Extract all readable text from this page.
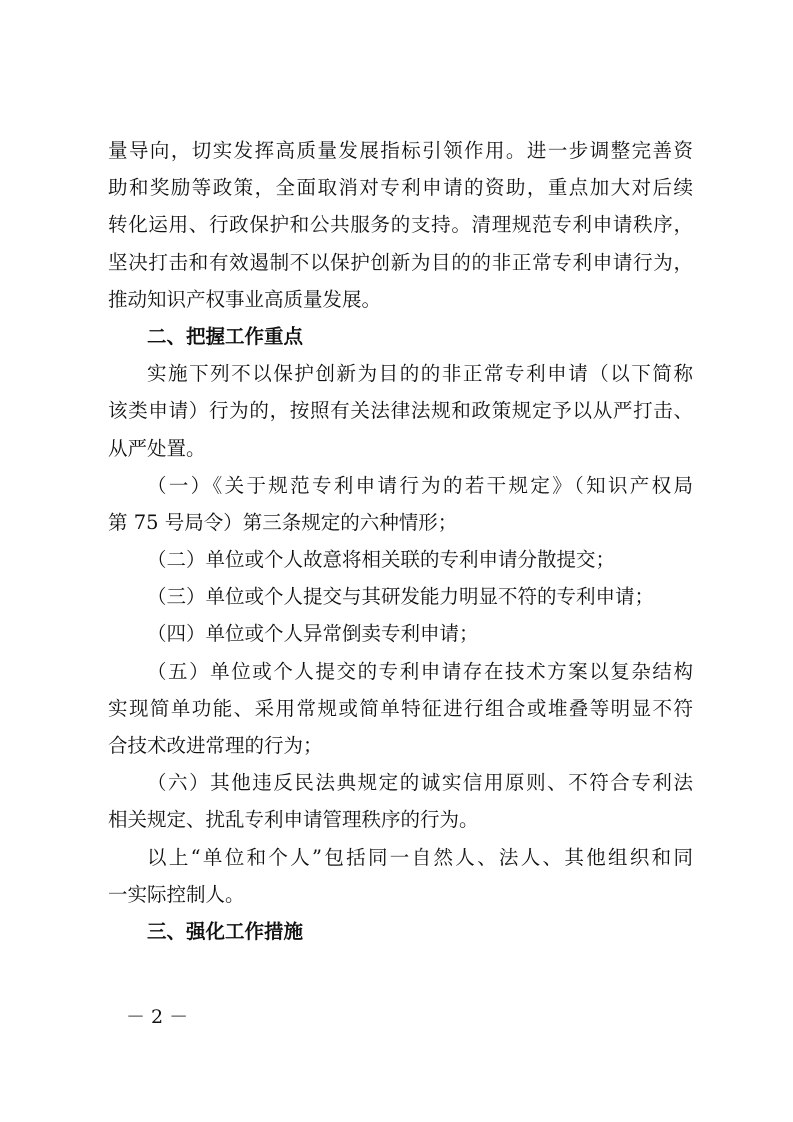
量导向，切实发挥高质量发展指标引领作用。进一步调整完善资
助和奖励等政策，全面取消对专利申请的资助，重点加大对后续
转化运用、行政保护和公共服务的支持。清理规范专利申请秩序，
坚决打击和有效遏制不以保护创新为目的的非正常专利申请行为，
推动知识产权事业高质量发展。
二、把握工作重点
实施下列不以保护创新为目的的非正常专利申请（以下简称
该类申请）行为的，按照有关法律法规和政策规定予以从严打击、
从严处置。
（一）《关于规范专利申请行为的若干规定》（知识产权局
第 75 号局令）第三条规定的六种情形；
（二）单位或个人故意将相关联的专利申请分散提交；
（三）单位或个人提交与其研发能力明显不符的专利申请；
（四）单位或个人异常倒卖专利申请；
（五）单位或个人提交的专利申请存在技术方案以复杂结构
实现简单功能、采用常规或简单特征进行组合或堆叠等明显不符
合技术改进常理的行为；
（六）其他违反民法典规定的诚实信用原则、不符合专利法
相关规定、扰乱专利申请管理秩序的行为。
以上“单位和个人”包括同一自然人、法人、其他组织和同
一实际控制人。
三、强化工作措施
－2－
